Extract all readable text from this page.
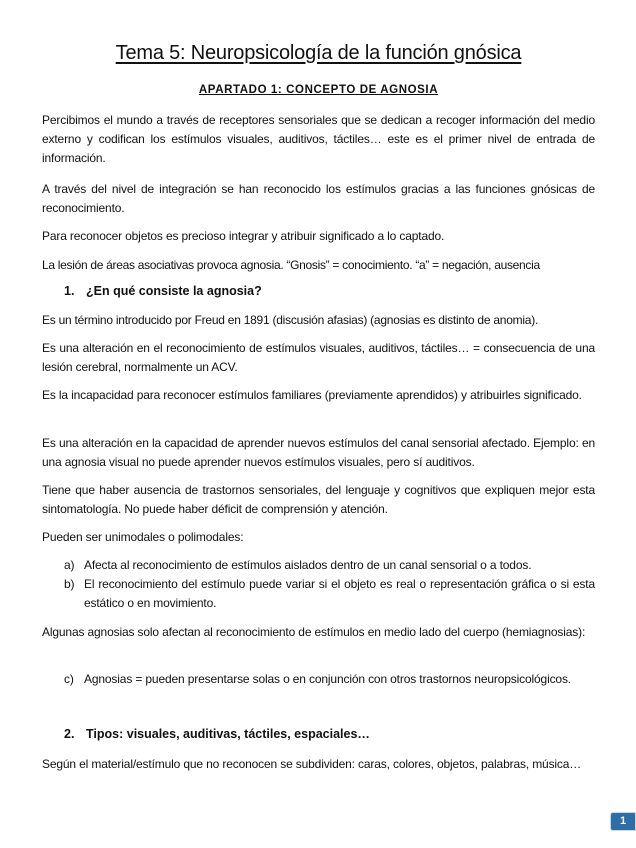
Tema 5: Neuropsicología de la función gnósica
APARTADO 1: CONCEPTO DE AGNOSIA
Percibimos el mundo a través de receptores sensoriales que se dedican a recoger información del medio externo y codifican los estímulos visuales, auditivos, táctiles… este es el primer nivel de entrada de información.
A través del nivel de integración se han reconocido los estímulos gracias a las funciones gnósicas de reconocimiento.
Para reconocer objetos es precioso integrar y atribuir significado a lo captado.
La lesión de áreas asociativas provoca agnosia. “Gnosis” = conocimiento. “a” = negación, ausencia
1. ¿En qué consiste la agnosia?
Es un término introducido por Freud en 1891 (discusión afasias) (agnosias es distinto de anomia).
Es una alteración en el reconocimiento de estímulos visuales, auditivos, táctiles… = consecuencia de una lesión cerebral, normalmente un ACV.
Es la incapacidad para reconocer estímulos familiares (previamente aprendidos) y atribuirles significado.
Es una alteración en la capacidad de aprender nuevos estímulos del canal sensorial afectado. Ejemplo: en una agnosia visual no puede aprender nuevos estímulos visuales, pero sí auditivos.
Tiene que haber ausencia de trastornos sensoriales, del lenguaje y cognitivos que expliquen mejor esta sintomatología. No puede haber déficit de comprensión y atención.
Pueden ser unimodales o polimodales:
a) Afecta al reconocimiento de estímulos aislados dentro de un canal sensorial o a todos.
b) El reconocimiento del estímulo puede variar si el objeto es real o representación gráfica o si esta estático o en movimiento.
Algunas agnosias solo afectan al reconocimiento de estímulos en medio lado del cuerpo (hemiagnosias):
c) Agnosias = pueden presentarse solas o en conjunción con otros trastornos neuropsicológicos.
2. Tipos: visuales, auditivas, táctiles, espaciales…
Según el material/estímulo que no reconocen se subdividen: caras, colores, objetos, palabras, música…
1
